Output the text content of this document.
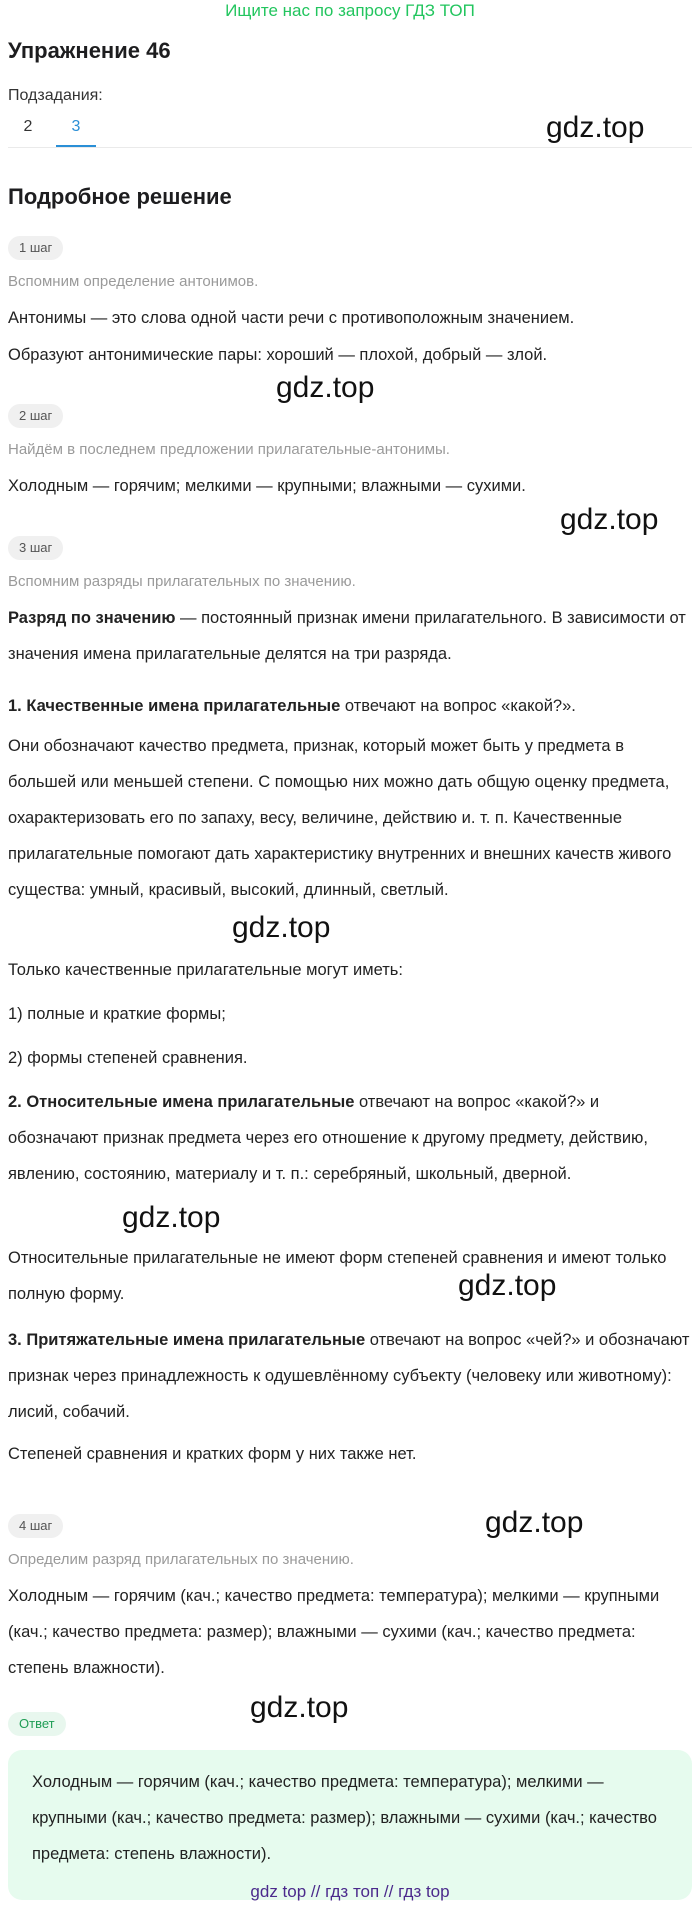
Ищите нас по запросу ГДЗ ТОП
Упражнение 46
Подзадания:
2	3	gdz.top
Подробное решение
1 шаг
Вспомним определение антонимов.
Антонимы — это слова одной части речи с противоположным значением.
Образуют антонимические пары: хороший — плохой, добрый — злой.
gdz.top
2 шаг
Найдём в последнем предложении прилагательные-антонимы.
Холодным — горячим; мелкими — крупными; влажными — сухими.
gdz.top
3 шаг
Вспомним разряды прилагательных по значению.
Разряд по значению — постоянный признак имени прилагательного. В зависимости от значения имена прилагательные делятся на три разряда.
1. Качественные имена прилагательные отвечают на вопрос «какой?».
Они обозначают качество предмета, признак, который может быть у предмета в большей или меньшей степени. С помощью них можно дать общую оценку предмета, охарактеризовать его по запаху, весу, величине, действию и. т. п. Качественные прилагательные помогают дать характеристику внутренних и внешних качеств живого существа: умный, красивый, высокий, длинный, светлый.
gdz.top
Только качественные прилагательные могут иметь:
1) полные и краткие формы;
2) формы степеней сравнения.
2. Относительные имена прилагательные отвечают на вопрос «какой?» и обозначают признак предмета через его отношение к другому предмету, действию, явлению, состоянию, материалу и т. п.: серебряный, школьный, дверной.
gdz.top
Относительные прилагательные не имеют форм степеней сравнения и имеют только полную форму.	gdz.top
3. Притяжательные имена прилагательные отвечают на вопрос «чей?» и обозначают признак через принадлежность к одушевлённому субъекту (человеку или животному): лисий, собачий.
Степеней сравнения и кратких форм у них также нет.
gdz.top
4 шаг
Определим разряд прилагательных по значению.
Холодным — горячим (кач.; качество предмета: температура); мелкими — крупными (кач.; качество предмета: размер); влажными — сухими (кач.; качество предмета: степень влажности).
gdz.top
Ответ
Холодным — горячим (кач.; качество предмета: температура); мелкими — крупными (кач.; качество предмета: размер); влажными — сухими (кач.; качество предмета: степень влажности).
gdz top // гдз топ // гдз top
